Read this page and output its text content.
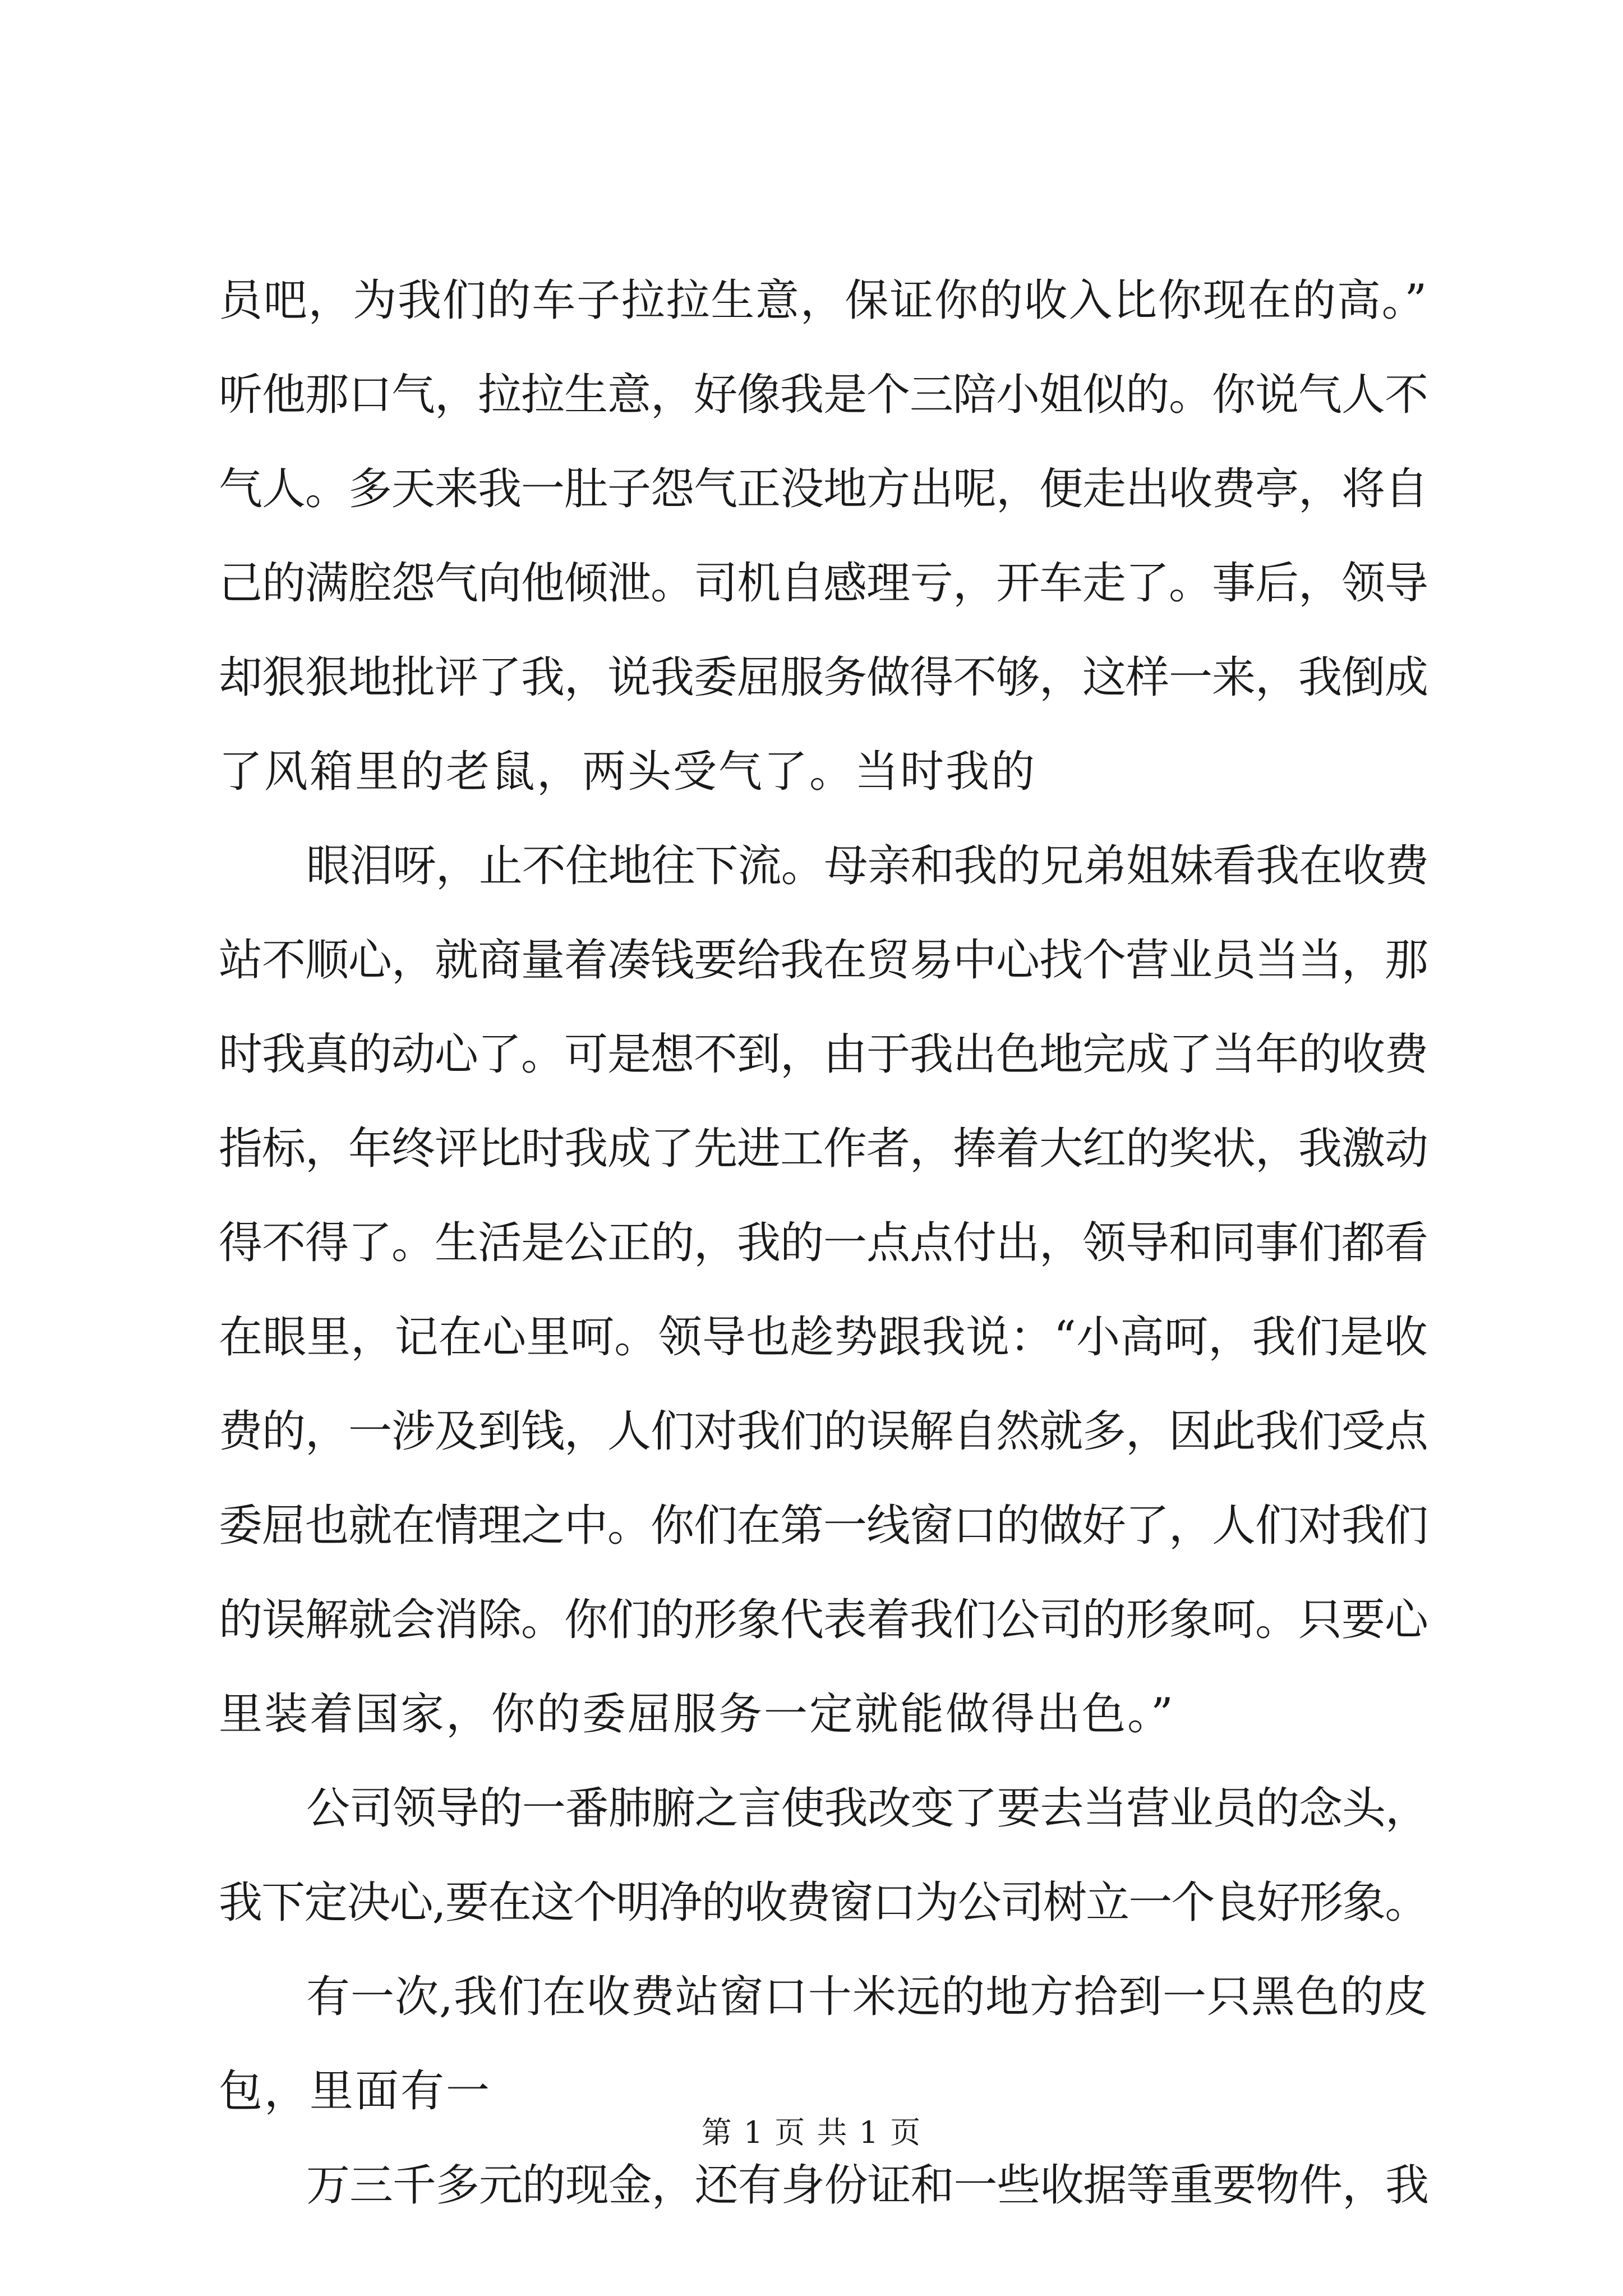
员吧，为我们的车子拉拉生意，保证你的收入比你现在的高。”
听他那口气，拉拉生意，好像我是个三陪小姐似的。你说气人不
气人。多天来我一肚子怨气正没地方出呢，便走出收费亭，将自
己的满腔怨气向他倾泄。司机自感理亏，开车走了。事后，领导
却狠狠地批评了我，说我委屈服务做得不够，这样一来，我倒成
了风箱里的老鼠，两头受气了。当时我的
眼泪呀，止不住地往下流。母亲和我的兄弟姐妹看我在收费
站不顺心，就商量着凑钱要给我在贸易中心找个营业员当当，那
时我真的动心了。可是想不到，由于我出色地完成了当年的收费
指标，年终评比时我成了先进工作者，捧着大红的奖状，我激动
得不得了。生活是公正的，我的一点点付出，领导和同事们都看
在眼里，记在心里呵。领导也趁势跟我说：“小高呵，我们是收
费的，一涉及到钱，人们对我们的误解自然就多，因此我们受点
委屈也就在情理之中。你们在第一线窗口的做好了，人们对我们
的误解就会消除。你们的形象代表着我们公司的形象呵。只要心
里装着国家，你的委屈服务一定就能做得出色。”
公司领导的一番肺腑之言使我改变了要去当营业员的念头，
我下定决心,要在这个明净的收费窗口为公司树立一个良好形象。
有一次,我们在收费站窗口十米远的地方拾到一只黑色的皮
包，里面有一
万三千多元的现金，还有身份证和一些收据等重要物件，我
第 1 页 共 1 页
